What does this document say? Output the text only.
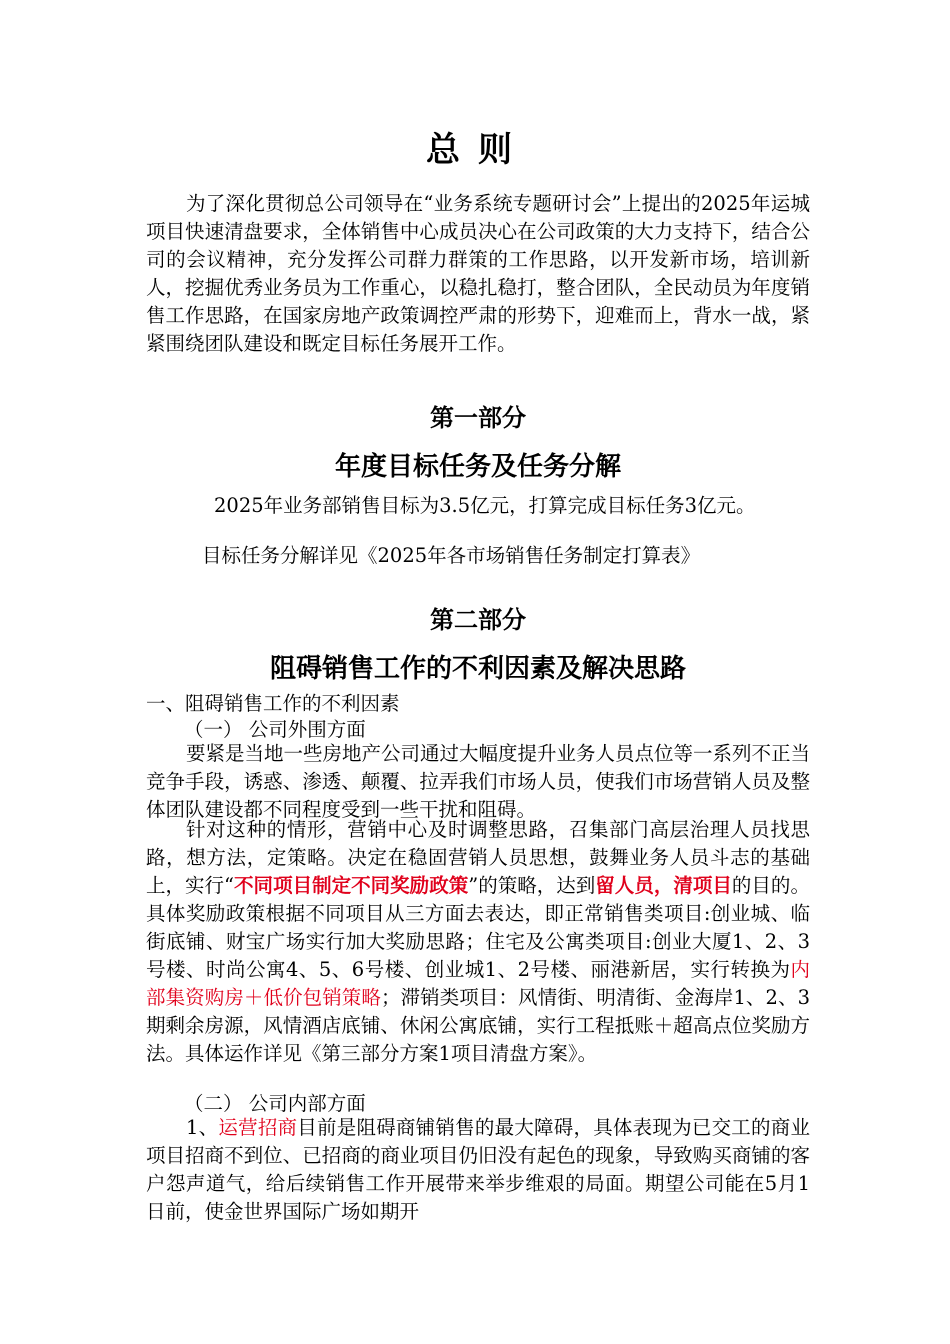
总则

为了深化贯彻总公司领导在“业务系统专题研讨会”上提出的2025年运城项目快速清盘要求，全体销售中心成员决心在公司政策的大力支持下，结合公司的会议精神，充分发挥公司群力群策的工作思路，以开发新市场，培训新人，挖掘优秀业务员为工作重心，以稳扎稳打，整合团队，全民动员为年度销售工作思路，在国家房地产政策调控严肃的形势下，迎难而上，背水一战，紧紧围绕团队建设和既定目标任务展开工作。

第一部分
年度目标任务及任务分解

2025年业务部销售目标为3.5亿元，打算完成目标任务3亿元。

目标任务分解详见《2025年各市场销售任务制定打算表》

第二部分
阻碍销售工作的不利因素及解决思路
一、阻碍销售工作的不利因素
（一） 公司外围方面

要紧是当地一些房地产公司通过大幅度提升业务人员点位等一系列不正当竞争手段，诱惑、渗透、颠覆、拉弄我们市场人员，使我们市场营销人员及整体团队建设都不同程度受到一些干扰和阻碍。

针对这种的情形，营销中心及时调整思路，召集部门高层治理人员找思路，想方法，定策略。决定在稳固营销人员思想，鼓舞业务人员斗志的基础上，实行“不同项目制定不同奖励政策”的策略，达到留人员，清项目的目的。具体奖励政策根据不同项目从三方面去表达，即正常销售类项目:创业城、临街底铺、财宝广场实行加大奖励思路；住宅及公寓类项目:创业大厦1、2、3号楼、时尚公寓4、5、6号楼、创业城1、2号楼、丽港新居，实行转换为内部集资购房＋低价包销策略；滞销类项目：风情街、明清街、金海岸1、2、3期剩余房源，风情酒店底铺、休闲公寓底铺，实行工程抵账＋超高点位奖励方法。具体运作详见《第三部分方案1项目清盘方案》。

（二） 公司内部方面

1、运营招商目前是阻碍商铺销售的最大障碍，具体表现为已交工的商业项目招商不到位、已招商的商业项目仍旧没有起色的现象，导致购买商铺的客户怨声道气，给后续销售工作开展带来举步维艰的局面。期望公司能在5月1日前，使金世界国际广场如期开
